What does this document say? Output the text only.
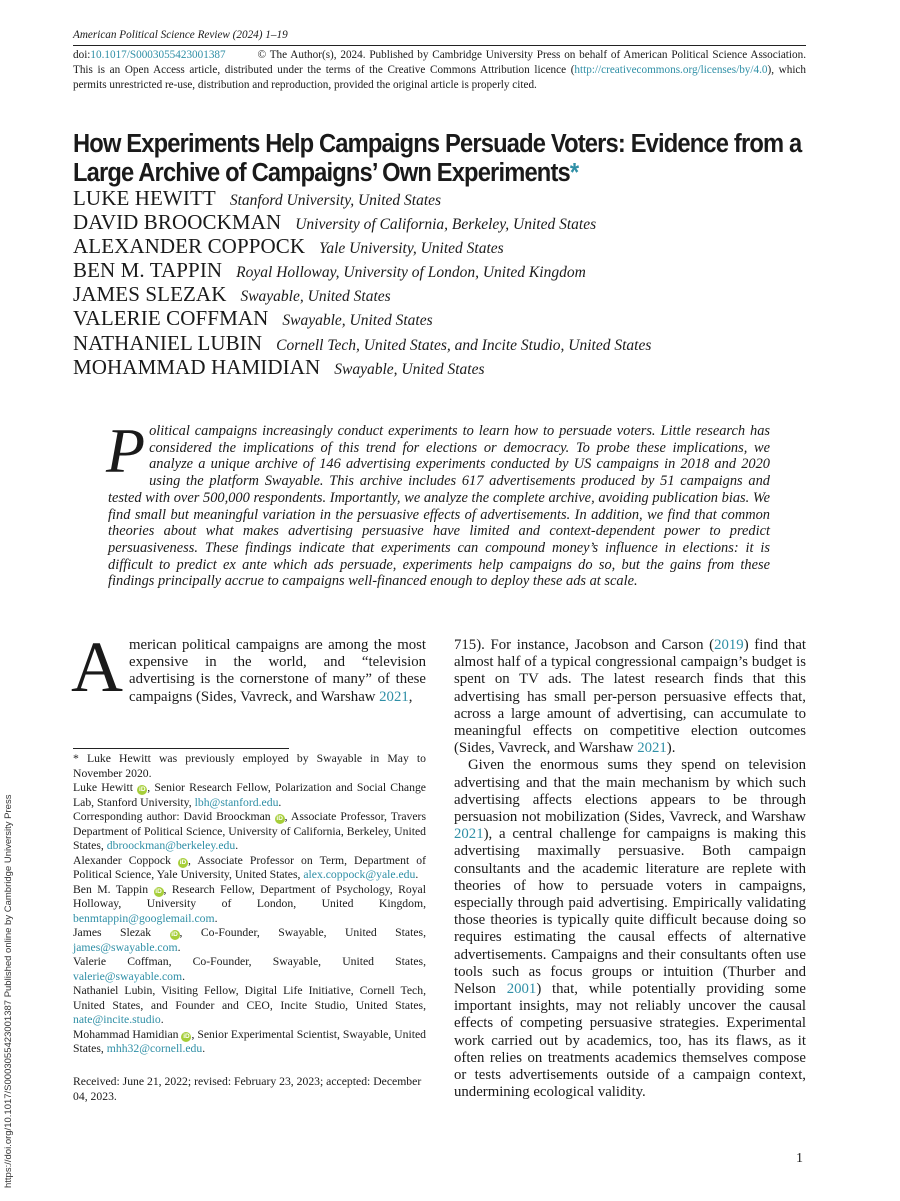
American Political Science Review (2024) 1–19
doi:10.1017/S0003055423001387	© The Author(s), 2024. Published by Cambridge University Press on behalf of American Political Science Association. This is an Open Access article, distributed under the terms of the Creative Commons Attribution licence (http://creativecommons.org/licenses/by/4.0), which permits unrestricted re-use, distribution and reproduction, provided the original article is properly cited.
How Experiments Help Campaigns Persuade Voters: Evidence from a Large Archive of Campaigns’ Own Experiments*
LUKE HEWITT Stanford University, United States
DAVID BROOCKMAN University of California, Berkeley, United States
ALEXANDER COPPOCK Yale University, United States
BEN M. TAPPIN Royal Holloway, University of London, United Kingdom
JAMES SLEZAK Swayable, United States
VALERIE COFFMAN Swayable, United States
NATHANIEL LUBIN Cornell Tech, United States, and Incite Studio, United States
MOHAMMAD HAMIDIAN Swayable, United States
Political campaigns increasingly conduct experiments to learn how to persuade voters. Little research has considered the implications of this trend for elections or democracy. To probe these implications, we analyze a unique archive of 146 advertising experiments conducted by US campaigns in 2018 and 2020 using the platform Swayable. This archive includes 617 advertisements produced by 51 campaigns and tested with over 500,000 respondents. Importantly, we analyze the complete archive, avoiding publication bias. We find small but meaningful variation in the persuasive effects of advertisements. In addition, we find that common theories about what makes advertising persuasive have limited and context-dependent power to predict persuasiveness. These findings indicate that experiments can compound money’s influence in elections: it is difficult to predict ex ante which ads persuade, experiments help campaigns do so, but the gains from these findings principally accrue to campaigns well-financed enough to deploy these ads at scale.
American political campaigns are among the most expensive in the world, and “television advertising is the cornerstone of many” of these campaigns (Sides, Vavreck, and Warshaw 2021,
715). For instance, Jacobson and Carson (2019) find that almost half of a typical congressional campaign’s budget is spent on TV ads. The latest research finds that this advertising has small per-person persuasive effects that, across a large amount of advertising, can accumulate to meaningful effects on competitive election outcomes (Sides, Vavreck, and Warshaw 2021).
Given the enormous sums they spend on television advertising and that the main mechanism by which such advertising affects elections appears to be through persuasion not mobilization (Sides, Vavreck, and Warshaw 2021), a central challenge for campaigns is making this advertising maximally persuasive. Both campaign consultants and the academic literature are replete with theories of how to persuade voters in campaigns, especially through paid advertising. Empirically validating those theories is typically quite difficult because doing so requires estimating the causal effects of alternative advertisements. Campaigns and their consultants often use tools such as focus groups or intuition (Thurber and Nelson 2001) that, while potentially providing some important insights, may not reliably uncover the causal effects of competing persuasive strategies. Experimental work carried out by academics, too, has its flaws, as it often relies on treatments academics themselves compose or tests advertisements outside of a campaign context, undermining ecological validity.

* Luke Hewitt was previously employed by Swayable in May to November 2020.

Luke Hewitt iD , Senior Research Fellow, Polarization and Social Change Lab, Stanford University, lbh@stanford.edu.

Corresponding author: David Broockman iD , Associate Professor, Travers Department of Political Science, University of California, Berkeley, United States, dbroockman@berkeley.edu.

Alexander Coppock iD , Associate Professor on Term, Department of Political Science, Yale University, United States, alex.coppock@yale.edu.

Ben M. Tappin iD , Research Fellow, Department of Psychology, Royal Holloway, University of London, United Kingdom, benmtappin@googlemail.com.

James Slezak	iD , Co-Founder, Swayable, United States, james@swayable.com.

Valerie Coffman, Co-Founder, Swayable, United States, valerie@swayable.com.

Nathaniel Lubin, Visiting Fellow, Digital Life Initiative, Cornell Tech, United States, and Founder and CEO, Incite Studio, United States, nate@incite.studio.

Mohammad Hamidian iD , Senior Experimental Scientist, Swayable, United States, mhh32@cornell.edu.

Received: June 21, 2022; revised: February 23, 2023; accepted: December 04, 2023.
1
https://doi.org/10.1017/S0003055423001387 Published online by Cambridge University Press
